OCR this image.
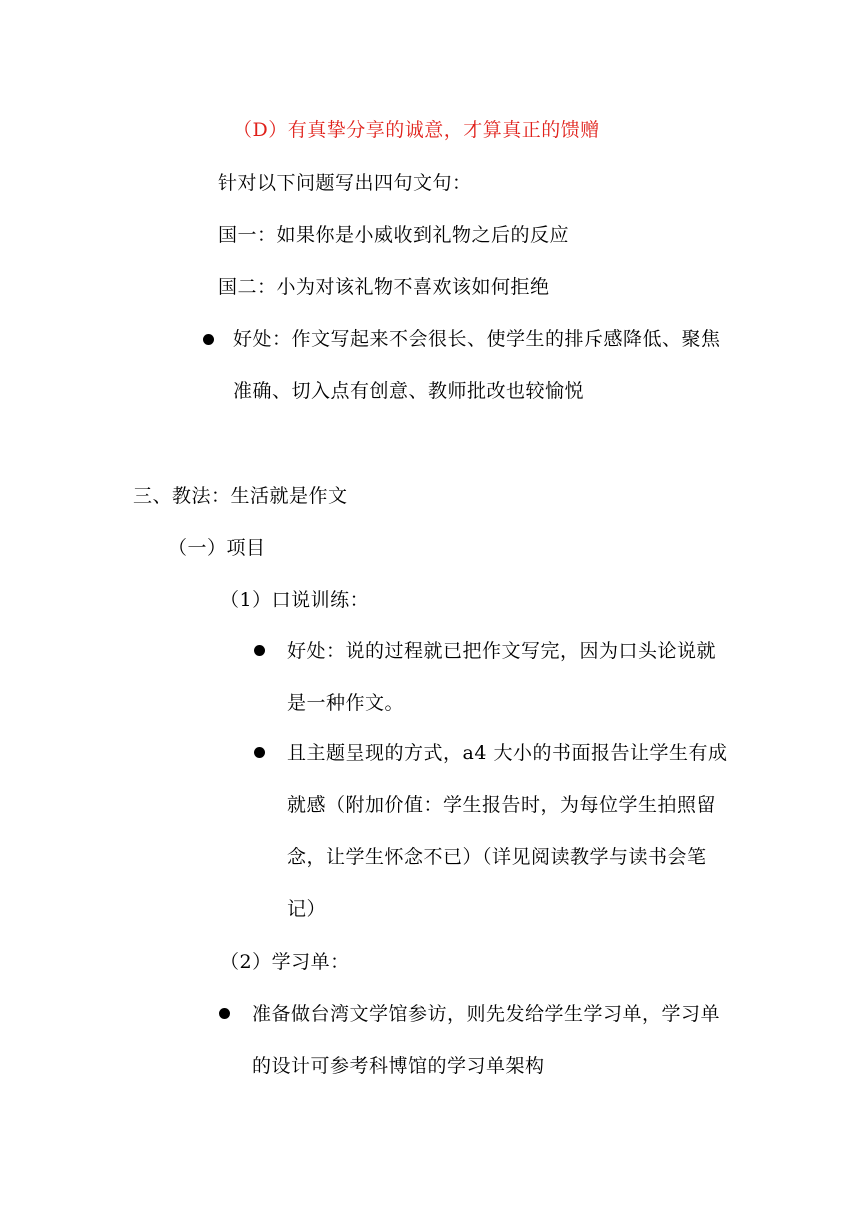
（D）有真挚分享的诚意，才算真正的馈赠
针对以下问题写出四句文句：
国一：如果你是小威收到礼物之后的反应
国二：小为对该礼物不喜欢该如何拒绝
好处：作文写起来不会很长、使学生的排斥感降低、聚焦
准确、切入点有创意、教师批改也较愉悦
三、教法：生活就是作文
（一）项目
（1）口说训练：
好处：说的过程就已把作文写完，因为口头论说就
是一种作文。
且主题呈现的方式，a4 大小的书面报告让学生有成
就感（附加价值：学生报告时，为每位学生拍照留
念，让学生怀念不已）（详见阅读教学与读书会笔
记）
（2）学习单：
准备做台湾文学馆参访，则先发给学生学习单，学习单
的设计可参考科博馆的学习单架构
